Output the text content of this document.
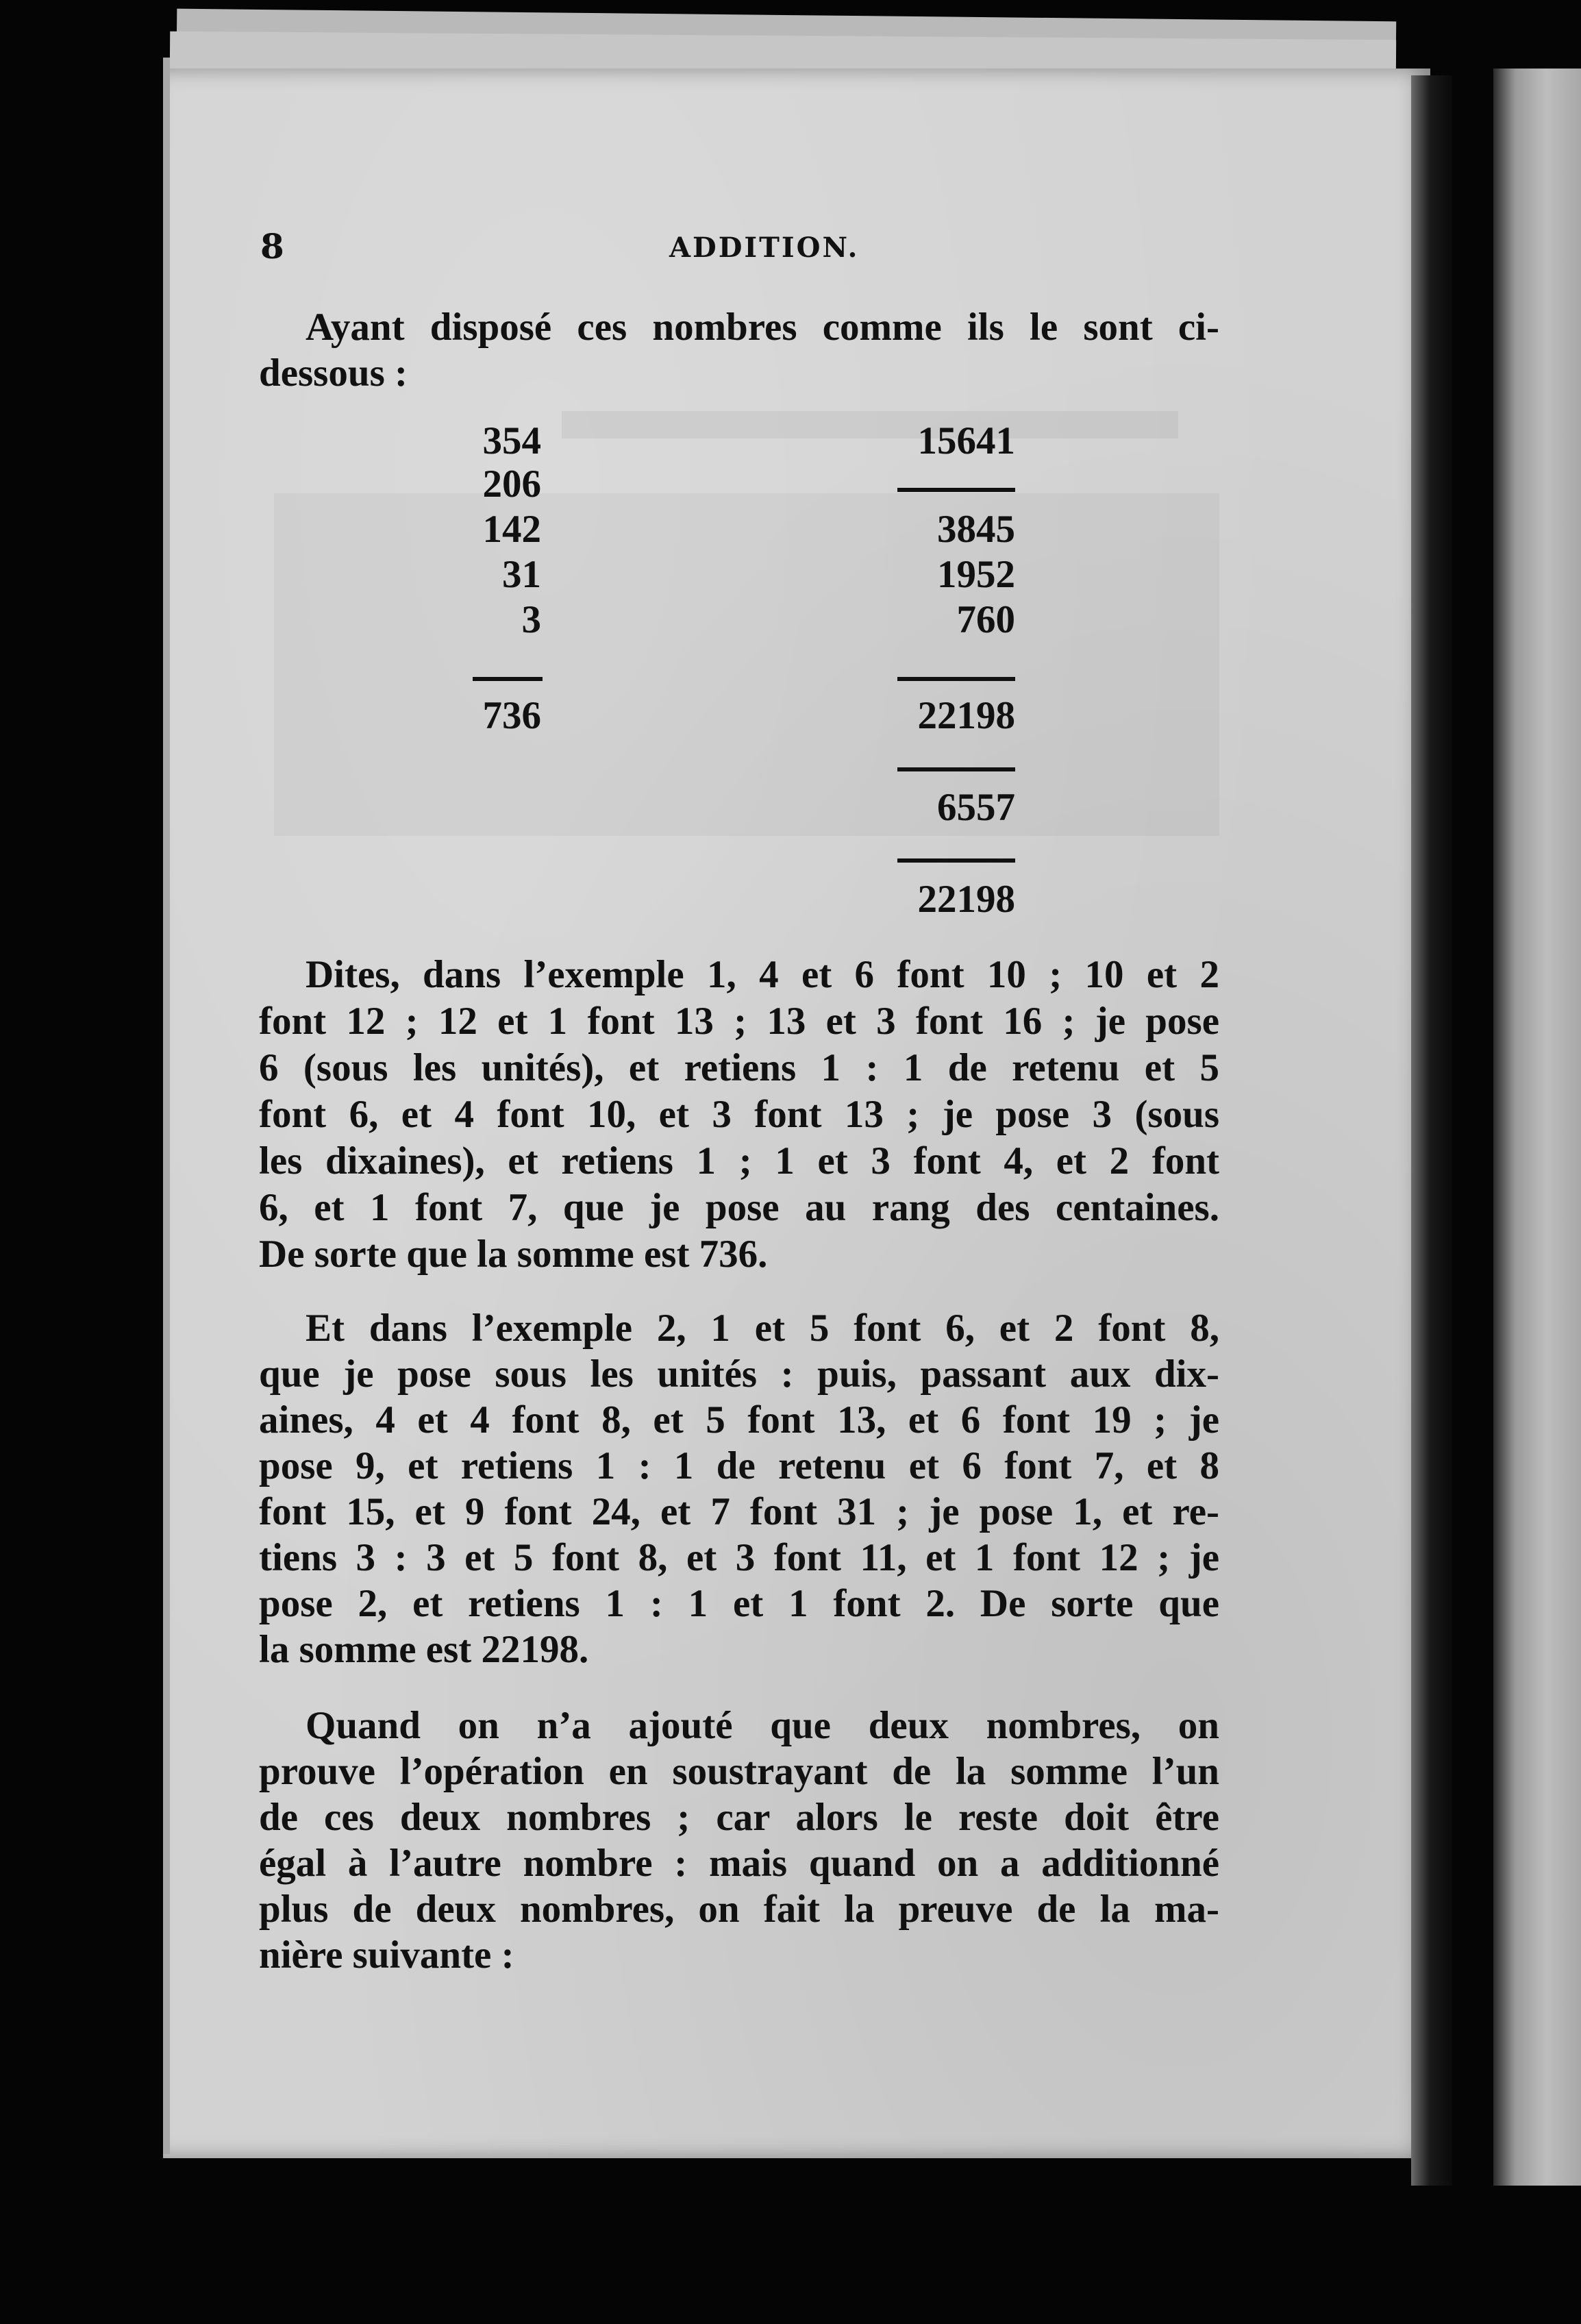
8	ADDITION.
Ayant disposé ces nombres comme ils le sont ci-
dessous :
354
206
142
31
3
736
15641
3845
1952
760
22198
6557
22198
Dites, dans l’exemple 1, 4 et 6 font 10 ; 10 et 2
font 12 ; 12 et 1 font 13 ; 13 et 3 font 16 ; je pose
6 (sous les unités), et retiens 1 : 1 de retenu et 5
font 6, et 4 font 10, et 3 font 13 ; je pose 3 (sous
les dixaines), et retiens 1 ; 1 et 3 font 4, et 2 font
6, et 1 font 7, que je pose au rang des centaines.
De sorte que la somme est 736.
Et dans l’exemple 2, 1 et 5 font 6, et 2 font 8,
que je pose sous les unités : puis, passant aux dix-
aines, 4 et 4 font 8, et 5 font 13, et 6 font 19 ; je
pose 9, et retiens 1 : 1 de retenu et 6 font 7, et 8
font 15, et 9 font 24, et 7 font 31 ; je pose 1, et re-
tiens 3 : 3 et 5 font 8, et 3 font 11, et 1 font 12 ; je
pose 2, et retiens 1 : 1 et 1 font 2. De sorte que
la somme est 22198.
Quand on n’a ajouté que deux nombres, on
prouve l’opération en soustrayant de la somme l’un
de ces deux nombres ; car alors le reste doit être
égal à l’autre nombre : mais quand on a additionné
plus de deux nombres, on fait la preuve de la ma-
nière suivante :
